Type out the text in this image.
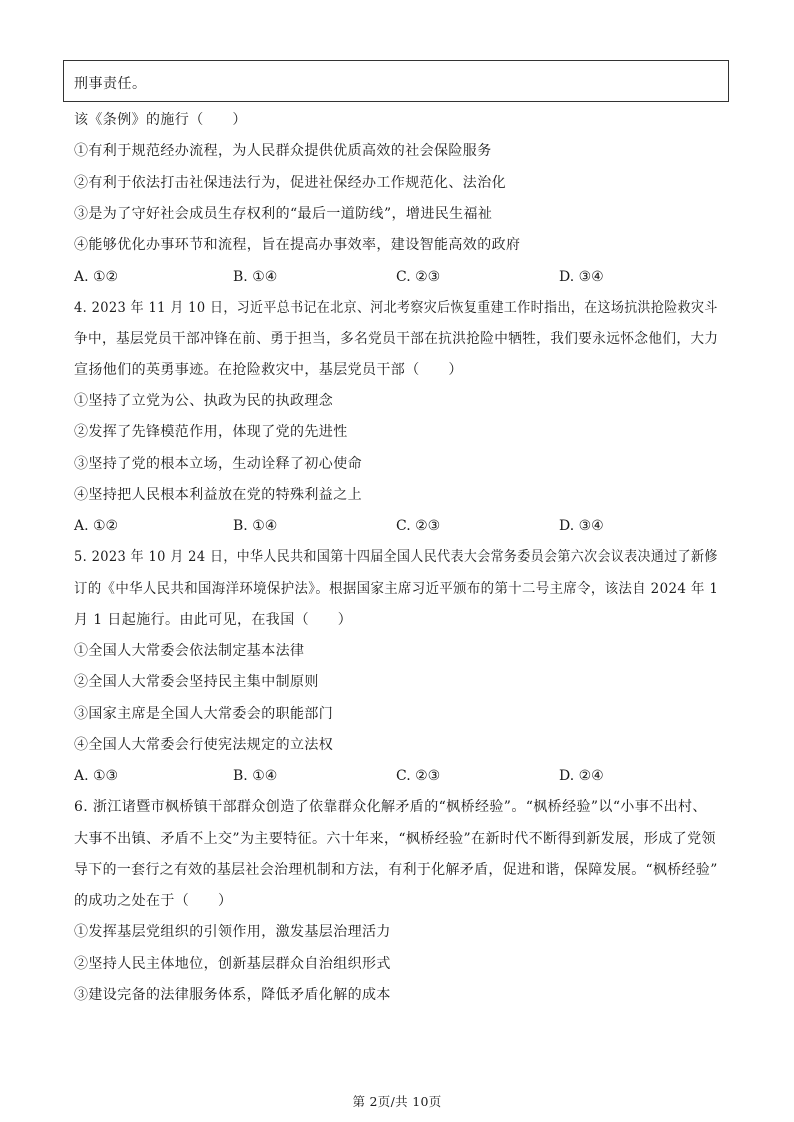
刑事责任。
该《条例》的施行（　　）
①有利于规范经办流程，为人民群众提供优质高效的社会保险服务
②有利于依法打击社保违法行为，促进社保经办工作规范化、法治化
③是为了守好社会成员生存权利的“最后一道防线”，增进民生福祉
④能够优化办事环节和流程，旨在提高办事效率，建设智能高效的政府
A. ①②	B. ①④	C. ②③	D. ③④
4. 2023 年 11 月 10 日，习近平总书记在北京、河北考察灾后恢复重建工作时指出，在这场抗洪抢险救灾斗
争中，基层党员干部冲锋在前、勇于担当，多名党员干部在抗洪抢险中牺牲，我们要永远怀念他们，大力
宣扬他们的英勇事迹。在抢险救灾中，基层党员干部（　　）
①坚持了立党为公、执政为民的执政理念
②发挥了先锋模范作用，体现了党的先进性
③坚持了党的根本立场，生动诠释了初心使命
④坚持把人民根本利益放在党的特殊利益之上
A. ①②	B. ①④	C. ②③	D. ③④
5. 2023 年 10 月 24 日，中华人民共和国第十四届全国人民代表大会常务委员会第六次会议表决通过了新修
订的《中华人民共和国海洋环境保护法》。根据国家主席习近平颁布的第十二号主席令，该法自 2024 年 1
月 1 日起施行。由此可见，在我国（　　）
①全国人大常委会依法制定基本法律
②全国人大常委会坚持民主集中制原则
③国家主席是全国人大常委会的职能部门
④全国人大常委会行使宪法规定的立法权
A. ①③	B. ①④	C. ②③	D. ②④
6. 浙江诸暨市枫桥镇干部群众创造了依靠群众化解矛盾的“枫桥经验”。“枫桥经验”以“小事不出村、
大事不出镇、矛盾不上交”为主要特征。六十年来，“枫桥经验”在新时代不断得到新发展，形成了党领
导下的一套行之有效的基层社会治理机制和方法，有利于化解矛盾，促进和谐，保障发展。“枫桥经验”
的成功之处在于（　　）
①发挥基层党组织的引领作用，激发基层治理活力
②坚持人民主体地位，创新基层群众自治组织形式
③建设完备的法律服务体系，降低矛盾化解的成本
第 2页/共 10页
